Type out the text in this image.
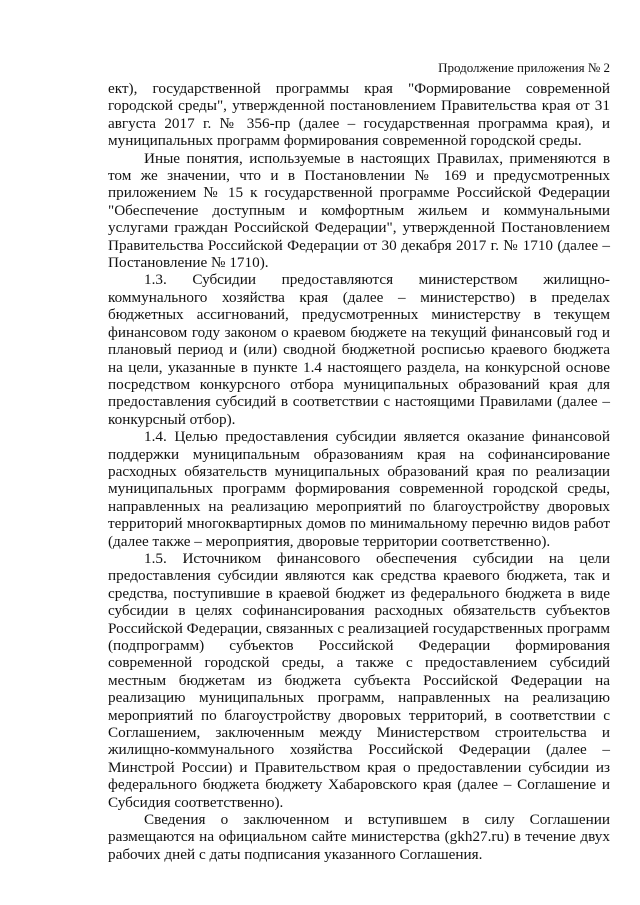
Продолжение приложения № 2

ект), государственной программы края "Формирование современной городской среды", утвержденной постановлением Правительства края от 31 августа 2017 г. № 356-пр (далее – государственная программа края), и муниципальных программ формирования современной городской среды.

Иные понятия, используемые в настоящих Правилах, применяются в том же значении, что и в Постановлении № 169 и предусмотренных приложением № 15 к государственной программе Российской Федерации "Обеспечение доступным и комфортным жильем и коммунальными услугами граждан Российской Федерации", утвержденной Постановлением Правительства Российской Федерации от 30 декабря 2017 г. № 1710 (далее – Постановление № 1710).

1.3. Субсидии предоставляются министерством жилищно-коммунального хозяйства края (далее – министерство) в пределах бюджетных ассигнований, предусмотренных министерству в текущем финансовом году законом о краевом бюджете на текущий финансовый год и плановый период и (или) сводной бюджетной росписью краевого бюджета на цели, указанные в пункте 1.4 настоящего раздела, на конкурсной основе посредством конкурсного отбора муниципальных образований края для предоставления субсидий в соответствии с настоящими Правилами (далее – конкурсный отбор).

1.4. Целью предоставления субсидии является оказание финансовой поддержки муниципальным образованиям края на софинансирование расходных обязательств муниципальных образований края по реализации муниципальных программ формирования современной городской среды, направленных на реализацию мероприятий по благоустройству дворовых территорий многоквартирных домов по минимальному перечню видов работ (далее также – мероприятия, дворовые территории соответственно).

1.5. Источником финансового обеспечения субсидии на цели предоставления субсидии являются как средства краевого бюджета, так и средства, поступившие в краевой бюджет из федерального бюджета в виде субсидии в целях софинансирования расходных обязательств субъектов Российской Федерации, связанных с реализацией государственных программ (подпрограмм) субъектов Российской Федерации формирования современной городской среды, а также с предоставлением субсидий местным бюджетам из бюджета субъекта Российской Федерации на реализацию муниципальных программ, направленных на реализацию мероприятий по благоустройству дворовых территорий, в соответствии с Соглашением, заключенным между Министерством строительства и жилищно-коммунального хозяйства Российской Федерации (далее – Минстрой России) и Правительством края о предоставлении субсидии из федерального бюджета бюджету Хабаровского края (далее – Соглашение и Субсидия соответственно).

Сведения о заключенном и вступившем в силу Соглашении размещаются на официальном сайте министерства (gkh27.ru) в течение двух рабочих дней с даты подписания указанного Соглашения.
